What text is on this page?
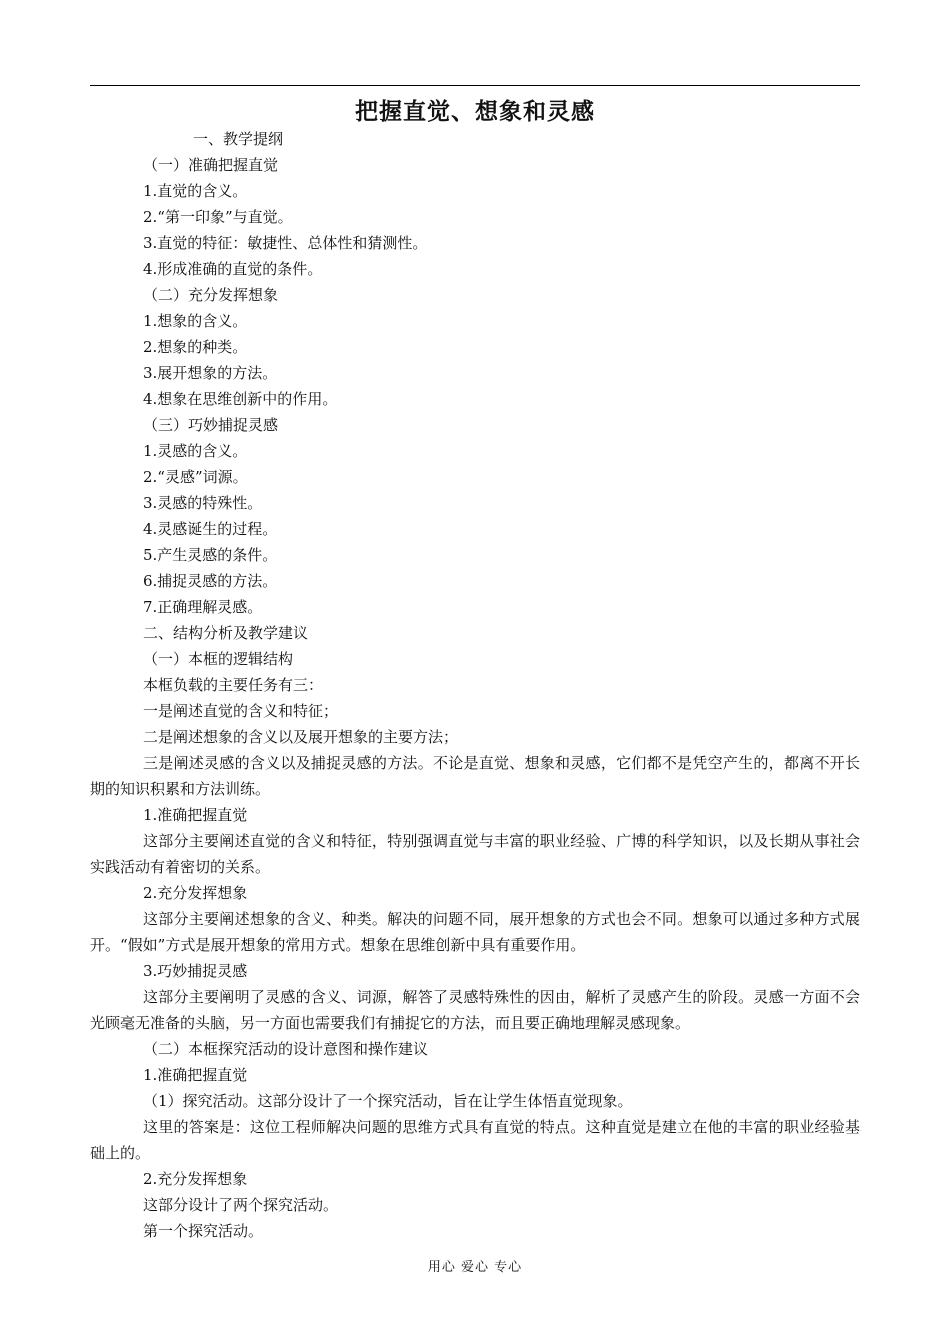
把握直觉、想象和灵感
一、教学提纲
（一）准确把握直觉
1.直觉的含义。
2.“第一印象”与直觉。
3.直觉的特征：敏捷性、总体性和猜测性。
4.形成准确的直觉的条件。
（二）充分发挥想象
1.想象的含义。
2.想象的种类。
3.展开想象的方法。
4.想象在思维创新中的作用。
（三）巧妙捕捉灵感
1.灵感的含义。
2.“灵感”词源。
3.灵感的特殊性。
4.灵感诞生的过程。
5.产生灵感的条件。
6.捕捉灵感的方法。
7.正确理解灵感。
二、结构分析及教学建议
（一）本框的逻辑结构
本框负载的主要任务有三：
一是阐述直觉的含义和特征；
二是阐述想象的含义以及展开想象的主要方法；
三是阐述灵感的含义以及捕捉灵感的方法。不论是直觉、想象和灵感，它们都不是凭空产生的，都离不开长期的知识积累和方法训练。
1.准确把握直觉
这部分主要阐述直觉的含义和特征，特别强调直觉与丰富的职业经验、广博的科学知识，以及长期从事社会实践活动有着密切的关系。
2.充分发挥想象
这部分主要阐述想象的含义、种类。解决的问题不同，展开想象的方式也会不同。想象可以通过多种方式展开。“假如”方式是展开想象的常用方式。想象在思维创新中具有重要作用。
3.巧妙捕捉灵感
这部分主要阐明了灵感的含义、词源，解答了灵感特殊性的因由，解析了灵感产生的阶段。灵感一方面不会光顾毫无准备的头脑，另一方面也需要我们有捕捉它的方法，而且要正确地理解灵感现象。
（二）本框探究活动的设计意图和操作建议
1.准确把握直觉
（1）探究活动。这部分设计了一个探究活动，旨在让学生体悟直觉现象。
这里的答案是：这位工程师解决问题的思维方式具有直觉的特点。这种直觉是建立在他的丰富的职业经验基础上的。
2.充分发挥想象
这部分设计了两个探究活动。
第一个探究活动。
用心 爱心 专心
